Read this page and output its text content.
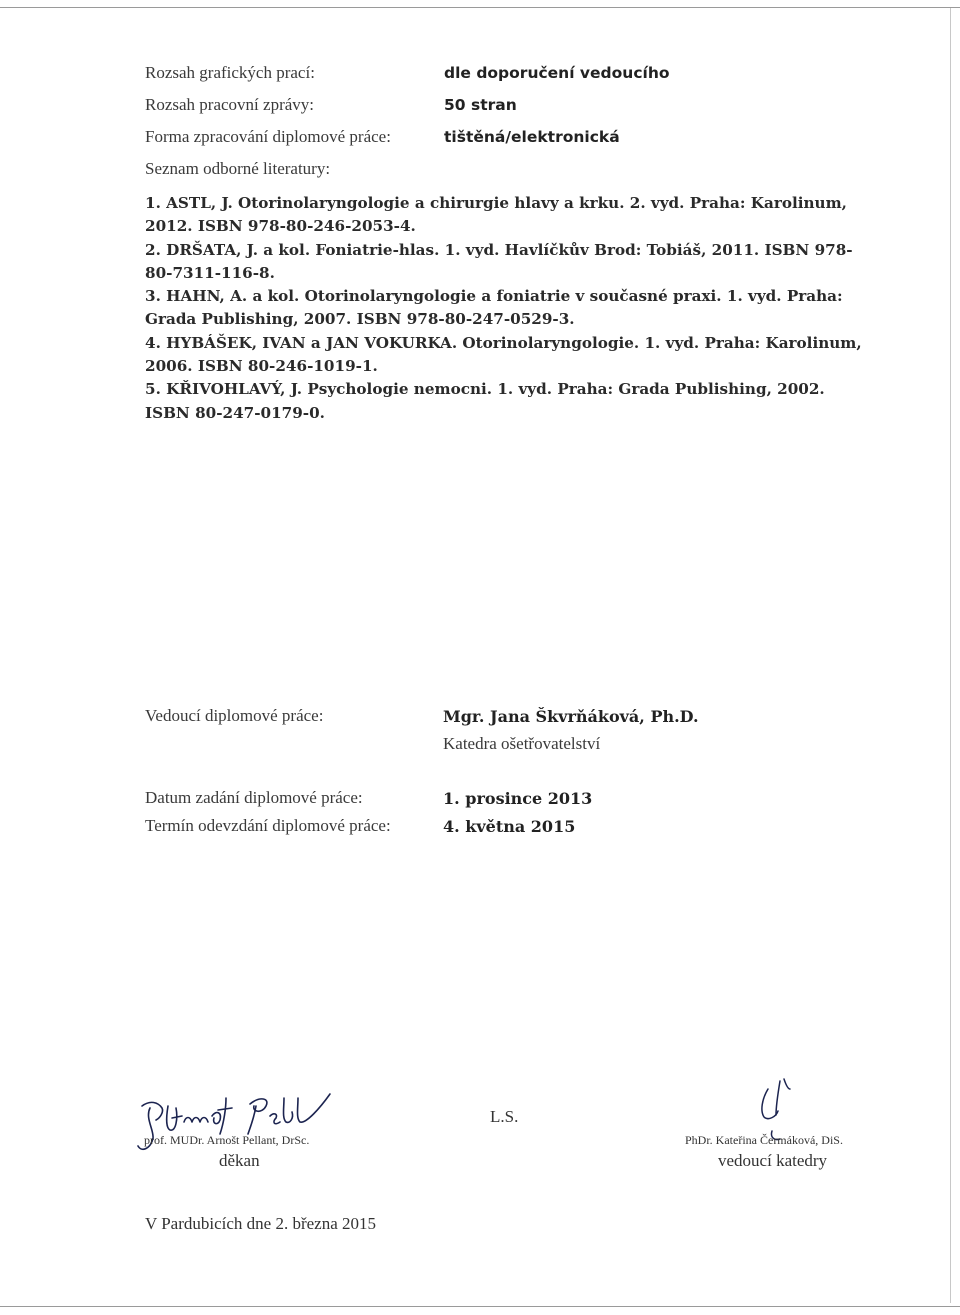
Rozsah grafických prací:	dle doporučení vedoucího
Rozsah pracovní zprávy:	50 stran
Forma zpracování diplomové práce:	tištěná/elektronická
Seznam odborné literatury:
1. ASTL, J. Otorinolaryngologie a chirurgie hlavy a krku. 2. vyd. Praha: Karolinum, 2012. ISBN 978-80-246-2053-4.
2. DRŠATA, J. a kol. Foniatrie-hlas. 1. vyd. Havlíčkův Brod: Tobiáš, 2011. ISBN 978-80-7311-116-8.
3. HAHN, A. a kol. Otorinolaryngologie a foniatrie v současné praxi. 1. vyd. Praha: Grada Publishing, 2007. ISBN 978-80-247-0529-3.
4. HYBÁŠEK, IVAN a JAN VOKURKA. Otorinolaryngologie. 1. vyd. Praha: Karolinum, 2006. ISBN 80-246-1019-1.
5. KŘIVOHLAVÝ, J. Psychologie nemocni. 1. vyd. Praha: Grada Publishing, 2002. ISBN 80-247-0179-0.
Vedoucí diplomové práce:	Mgr. Jana Škvrňáková, Ph.D.
Katedra ošetřovatelství
Datum zadání diplomové práce:	1. prosince 2013
Termín odevzdání diplomové práce:	4. května 2015
prof. MUDr. Arnošt Pellant, DrSc.
děkan
L.S.
PhDr. Kateřina Čermáková, DiS.
vedoucí katedry
V Pardubicích dne 2. března 2015
